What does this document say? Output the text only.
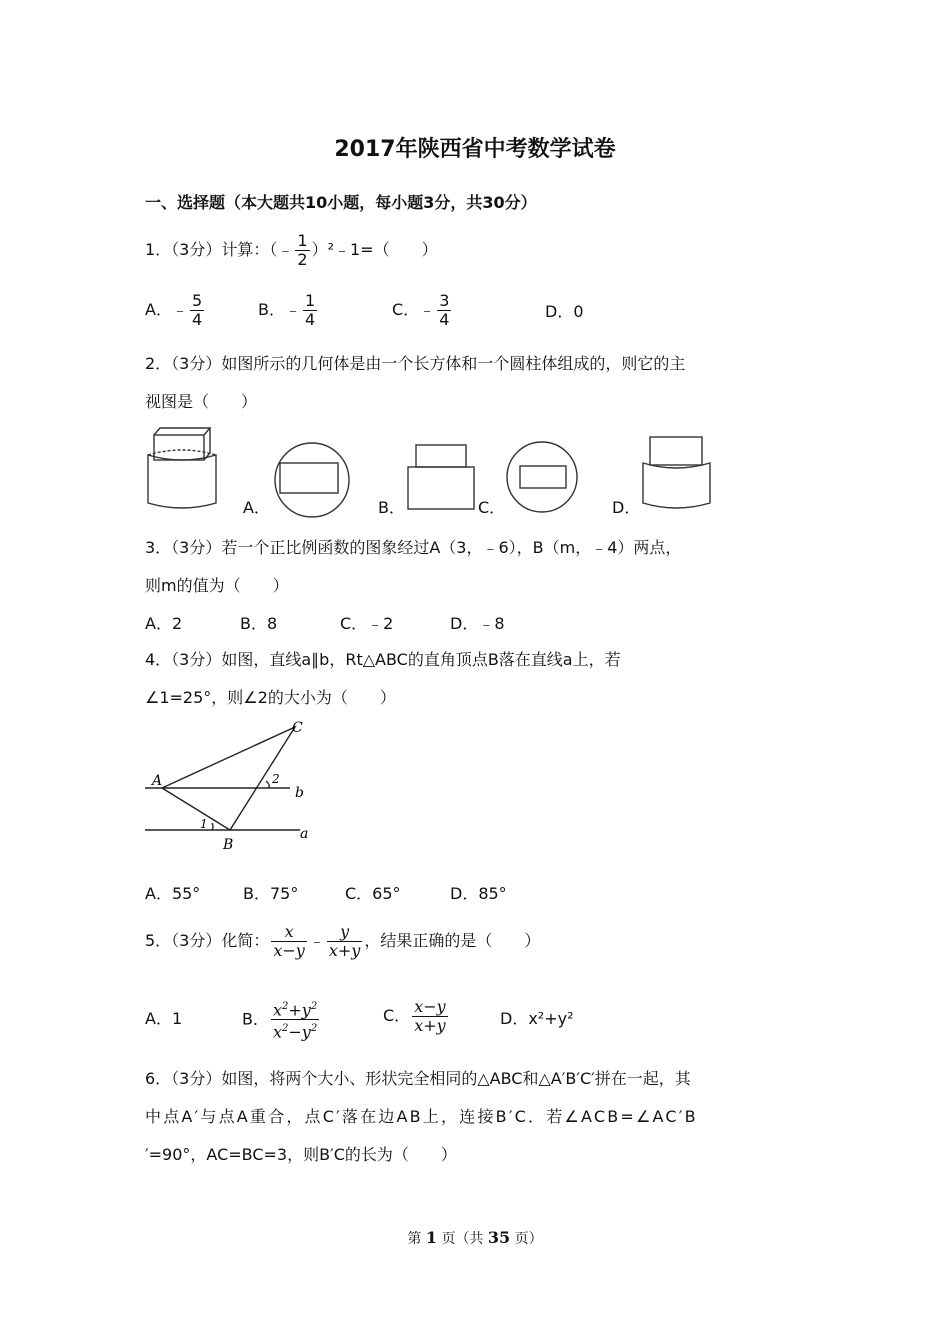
2017年陕西省中考数学试卷
一、选择题（本大题共10小题，每小题3分，共30分）
1．（3分）计算：（﹣ $\frac{1}{2}$ ）²﹣1=（　　）
A．﹣ $\frac{5}{4}$	B．﹣ $\frac{1}{4}$	C．﹣ $\frac{3}{4}$	D．0
2．（3分）如图所示的几何体是由一个长方体和一个圆柱体组成的，则它的主
视图是（　　）
A．	B．	C．	D．
3．（3分）若一个正比例函数的图象经过A（3，﹣6），B（m，﹣4）两点，
则m的值为（　　）
A．2	B．8	C．﹣2	D．﹣8
4．（3分）如图，直线a∥b，Rt△ABC的直角顶点B落在直线a上，若
∠1=25°，则∠2的大小为（　　）
C
A
B
b
a
1
2
A．55°	B．75°	C．65°	D．85°
5．（3分）化简： $\frac{x}{x-y}$ ﹣ $\frac{y}{x+y}$ ，结果正确的是（　　）
A．1	B． $\frac{x^2+y^2}{x^2-y^2}$	C． $\frac{x-y}{x+y}$	D．x²+y²
6．（3分）如图，将两个大小、形状完全相同的△ABC和△A′B′C′拼在一起，其
中点A′与点A重合，点C′落在边AB上，连接B′C．若∠ACB=∠AC′B
′=90°，AC=BC=3，则B′C的长为（　　）
第 1 页（共 35 页）
